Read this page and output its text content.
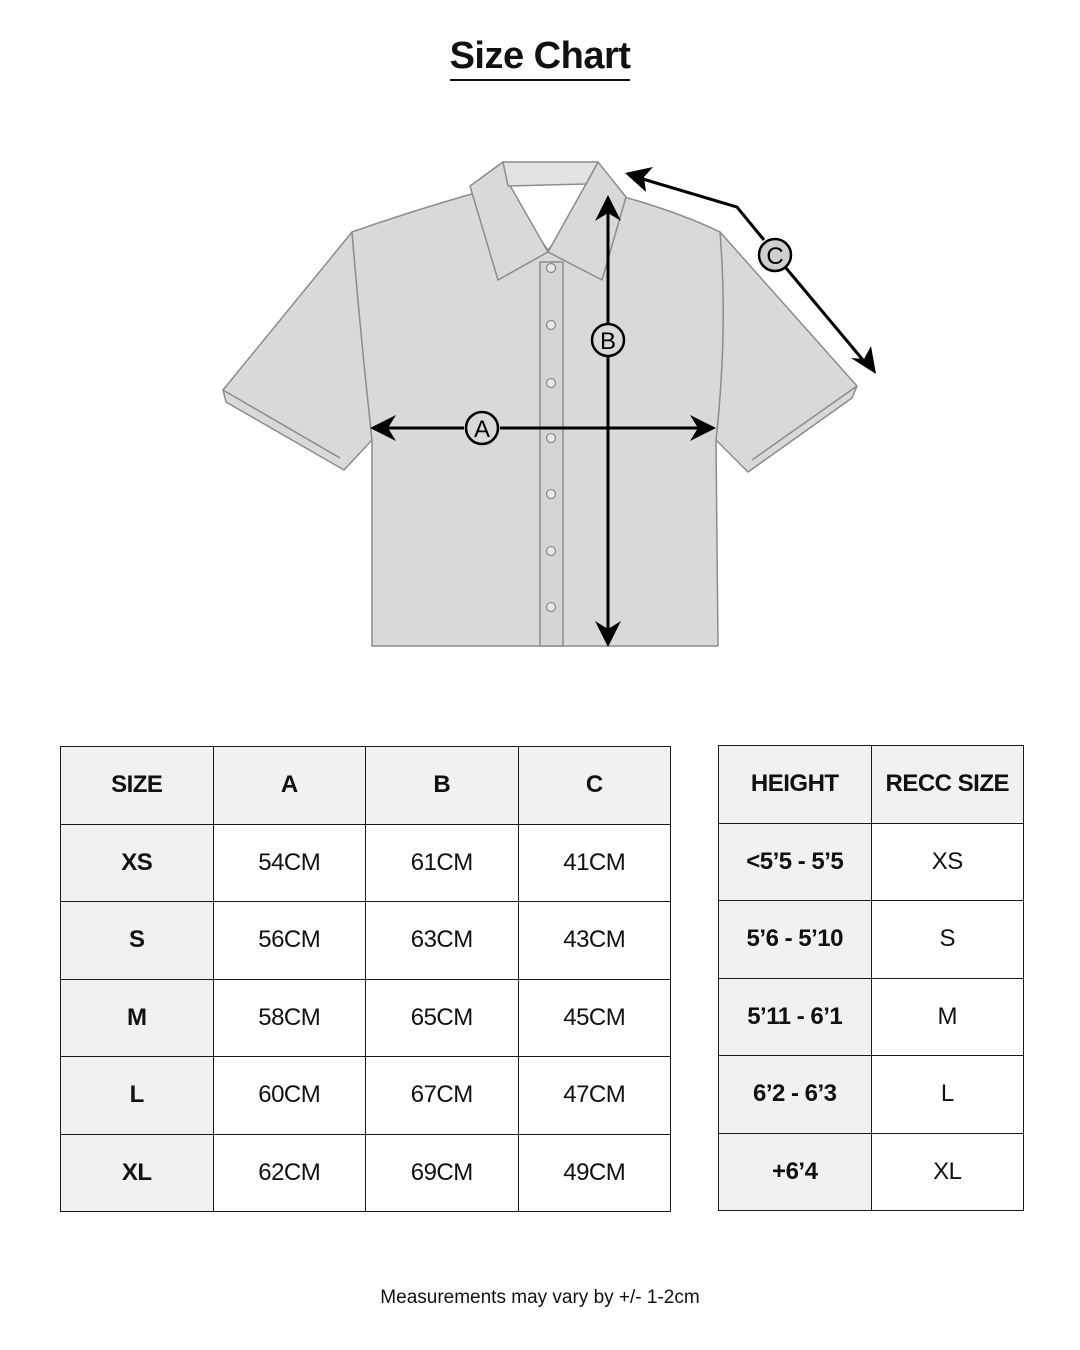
Size Chart
A
B
C
SIZE	A	B	C
XS	54CM	61CM	41CM
S	56CM	63CM	43CM
M	58CM	65CM	45CM
L	60CM	67CM	47CM
XL	62CM	69CM	49CM
HEIGHT	RECC SIZE
<5’5 - 5’5	XS
5’6 - 5’10	S
5’11 - 6’1	M
6’2 - 6’3	L
+6’4	XL
Measurements may vary by +/- 1-2cm
